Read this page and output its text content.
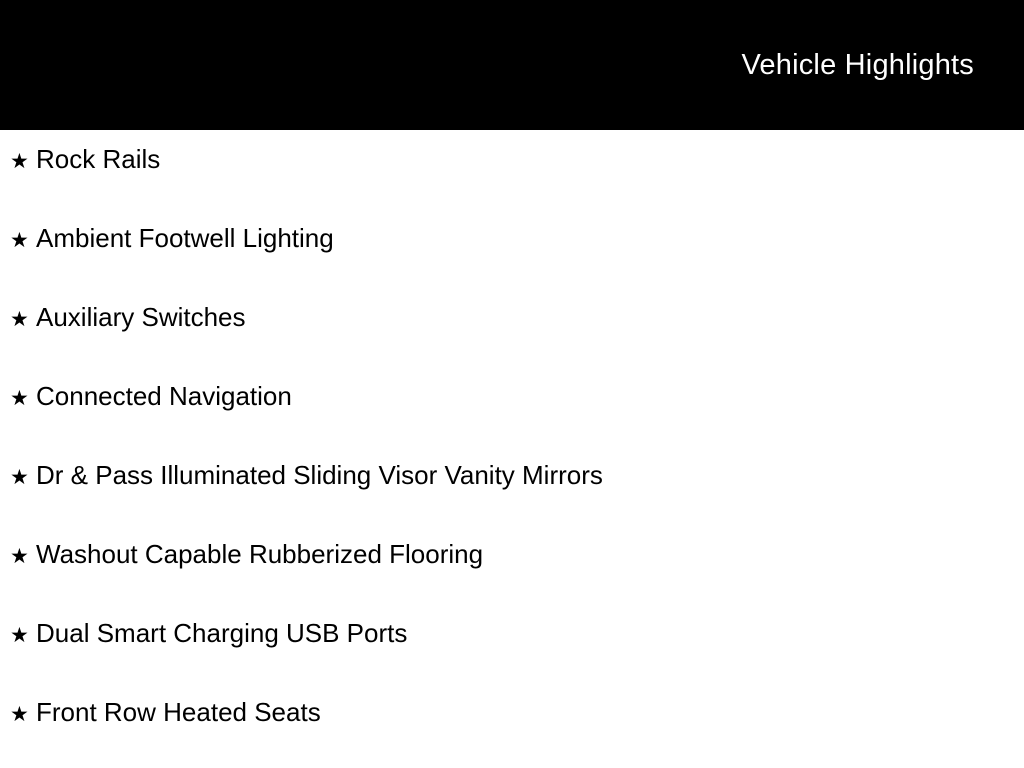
Vehicle Highlights
★ Rock Rails
★ Ambient Footwell Lighting
★ Auxiliary Switches
★ Connected Navigation
★ Dr & Pass Illuminated Sliding Visor Vanity Mirrors
★ Washout Capable Rubberized Flooring
★ Dual Smart Charging USB Ports
★ Front Row Heated Seats
